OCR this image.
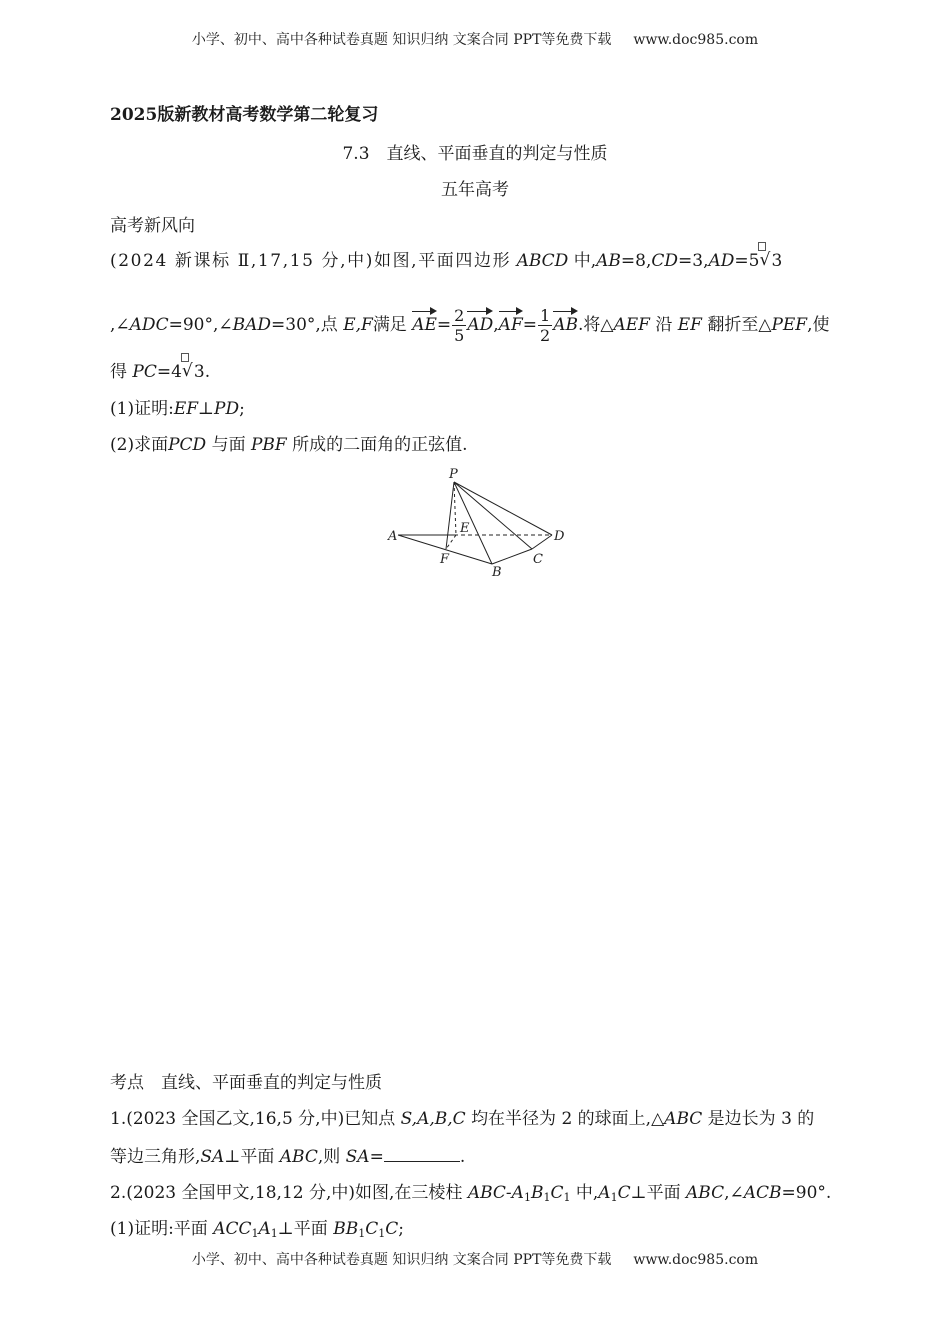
小学、初中、高中各种试卷真题 知识归纳 文案合同 PPT等免费下载 www.doc985.com
2025版新教材高考数学第二轮复习
7.3　直线、平面垂直的判定与性质
五年高考
高考新风向
(2024 新课标 Ⅱ,17,15 分,中)如图,平面四边形 ABCD 中,AB=8,CD=3,AD=5 √ 3
,∠ADC=90°,∠BAD=30°,点 E,F满足 $AE= \frac{2}{5} AD,AF= \frac{1}{2}$ AB.将△AEF 沿 EF 翻折至△PEF,使
得 PC=4 √ 3.
(1)证明:EF⊥PD;
(2)求面PCD 与面 PBF 所成的二面角的正弦值.
P
E
A	D
F
B
C
考点　直线、平面垂直的判定与性质
1.(2023 全国乙文,16,5 分,中)已知点 S,A,B,C 均在半径为 2 的球面上,△ABC 是边长为 3 的
等边三角形,SA⊥平面 ABC,则 SA=	.
2.(2023 全国甲文,18,12 分,中)如图,在三棱柱 ABC-$A_1B_1C_1$ 中$,A_1C\perp$平面 ABC,∠ACB=90°.
(1)证明:平面 $ACC_1A_1\perp$平面 $BB_1C_1C$;
小学、初中、高中各种试卷真题 知识归纳 文案合同 PPT等免费下载 www.doc985.com
